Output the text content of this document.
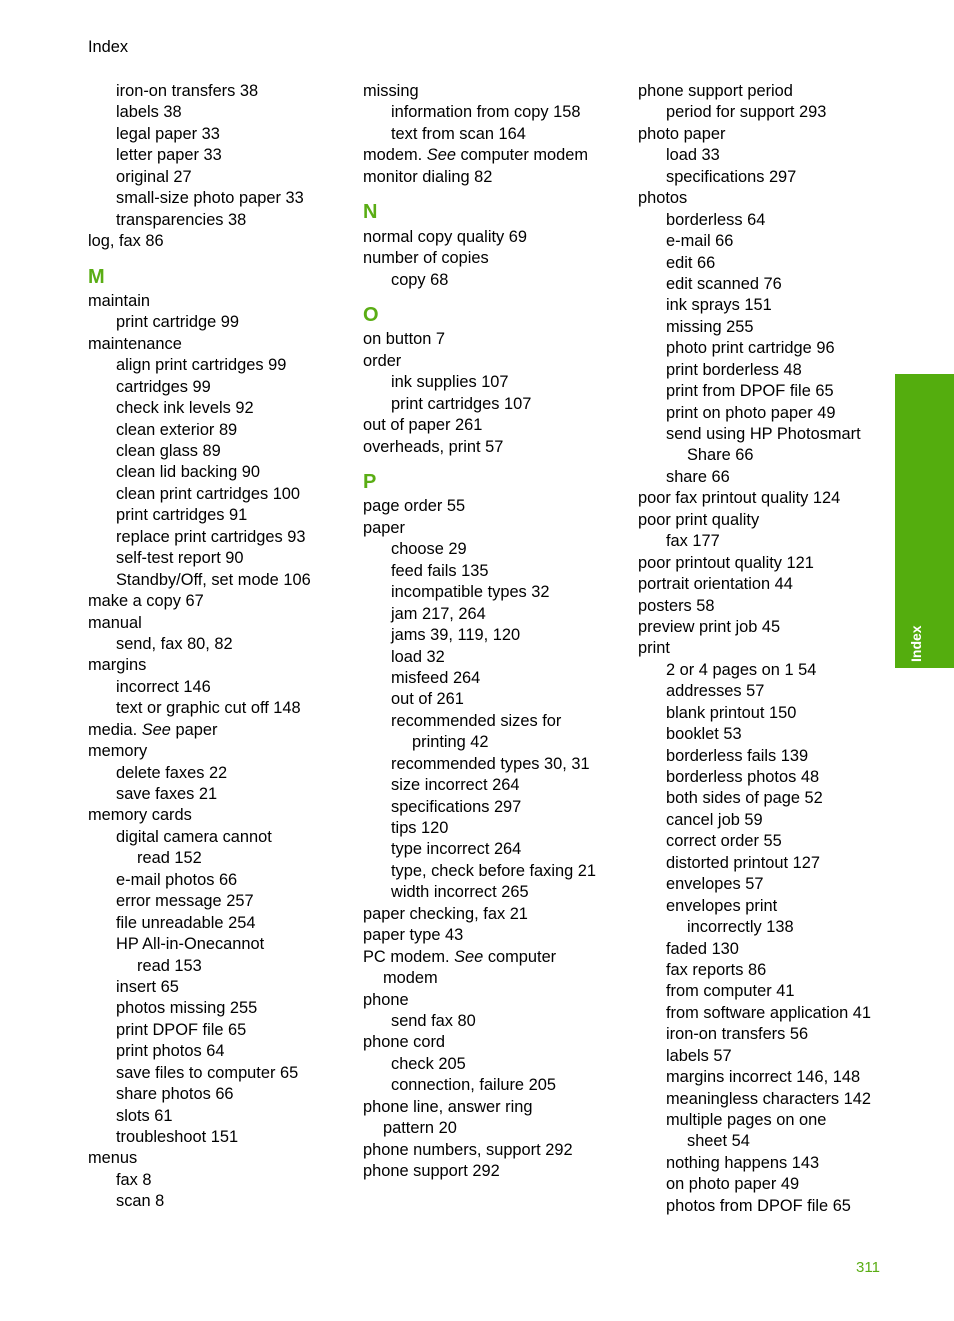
Index
iron-on transfers 38
labels 38
legal paper 33
letter paper 33
original 27
small-size photo paper 33
transparencies 38
log, fax 86
M
maintain
print cartridge 99
maintenance
align print cartridges 99
cartridges 99
check ink levels 92
clean exterior 89
clean glass 89
clean lid backing 90
clean print cartridges 100
print cartridges 91
replace print cartridges 93
self-test report 90
Standby/Off, set mode 106
make a copy 67
manual
send, fax 80, 82
margins
incorrect 146
text or graphic cut off 148
media. See paper
memory
delete faxes 22
save faxes 21
memory cards
digital camera cannot
read 152
e-mail photos 66
error message 257
file unreadable 254
HP All-in-Onecannot
read 153
insert 65
photos missing 255
print DPOF file 65
print photos 64
save files to computer 65
share photos 66
slots 61
troubleshoot 151
menus
fax 8
scan 8
missing
information from copy 158
text from scan 164
modem. See computer modem
monitor dialing 82
N
normal copy quality 69
number of copies
copy 68
O
on button 7
order
ink supplies 107
print cartridges 107
out of paper 261
overheads, print 57
P
page order 55
paper
choose 29
feed fails 135
incompatible types 32
jam 217, 264
jams 39, 119, 120
load 32
misfeed 264
out of 261
recommended sizes for
printing 42
recommended types 30, 31
size incorrect 264
specifications 297
tips 120
type incorrect 264
type, check before faxing 21
width incorrect 265
paper checking, fax 21
paper type 43
PC modem. See computer
modem
phone
send fax 80
phone cord
check 205
connection, failure 205
phone line, answer ring
pattern 20
phone numbers, support 292
phone support 292
phone support period
period for support 293
photo paper
load 33
specifications 297
photos
borderless 64
e-mail 66
edit 66
edit scanned 76
ink sprays 151
missing 255
photo print cartridge 96
print borderless 48
print from DPOF file 65
print on photo paper 49
send using HP Photosmart
Share 66
share 66
poor fax printout quality 124
poor print quality
fax 177
poor printout quality 121
portrait orientation 44
posters 58
preview print job 45
print
2 or 4 pages on 1 54
addresses 57
blank printout 150
booklet 53
borderless fails 139
borderless photos 48
both sides of page 52
cancel job 59
correct order 55
distorted printout 127
envelopes 57
envelopes print
incorrectly 138
faded 130
fax reports 86
from computer 41
from software application 41
iron-on transfers 56
labels 57
margins incorrect 146, 148
meaningless characters 142
multiple pages on one
sheet 54
nothing happens 143
on photo paper 49
photos from DPOF file 65
Index
311
